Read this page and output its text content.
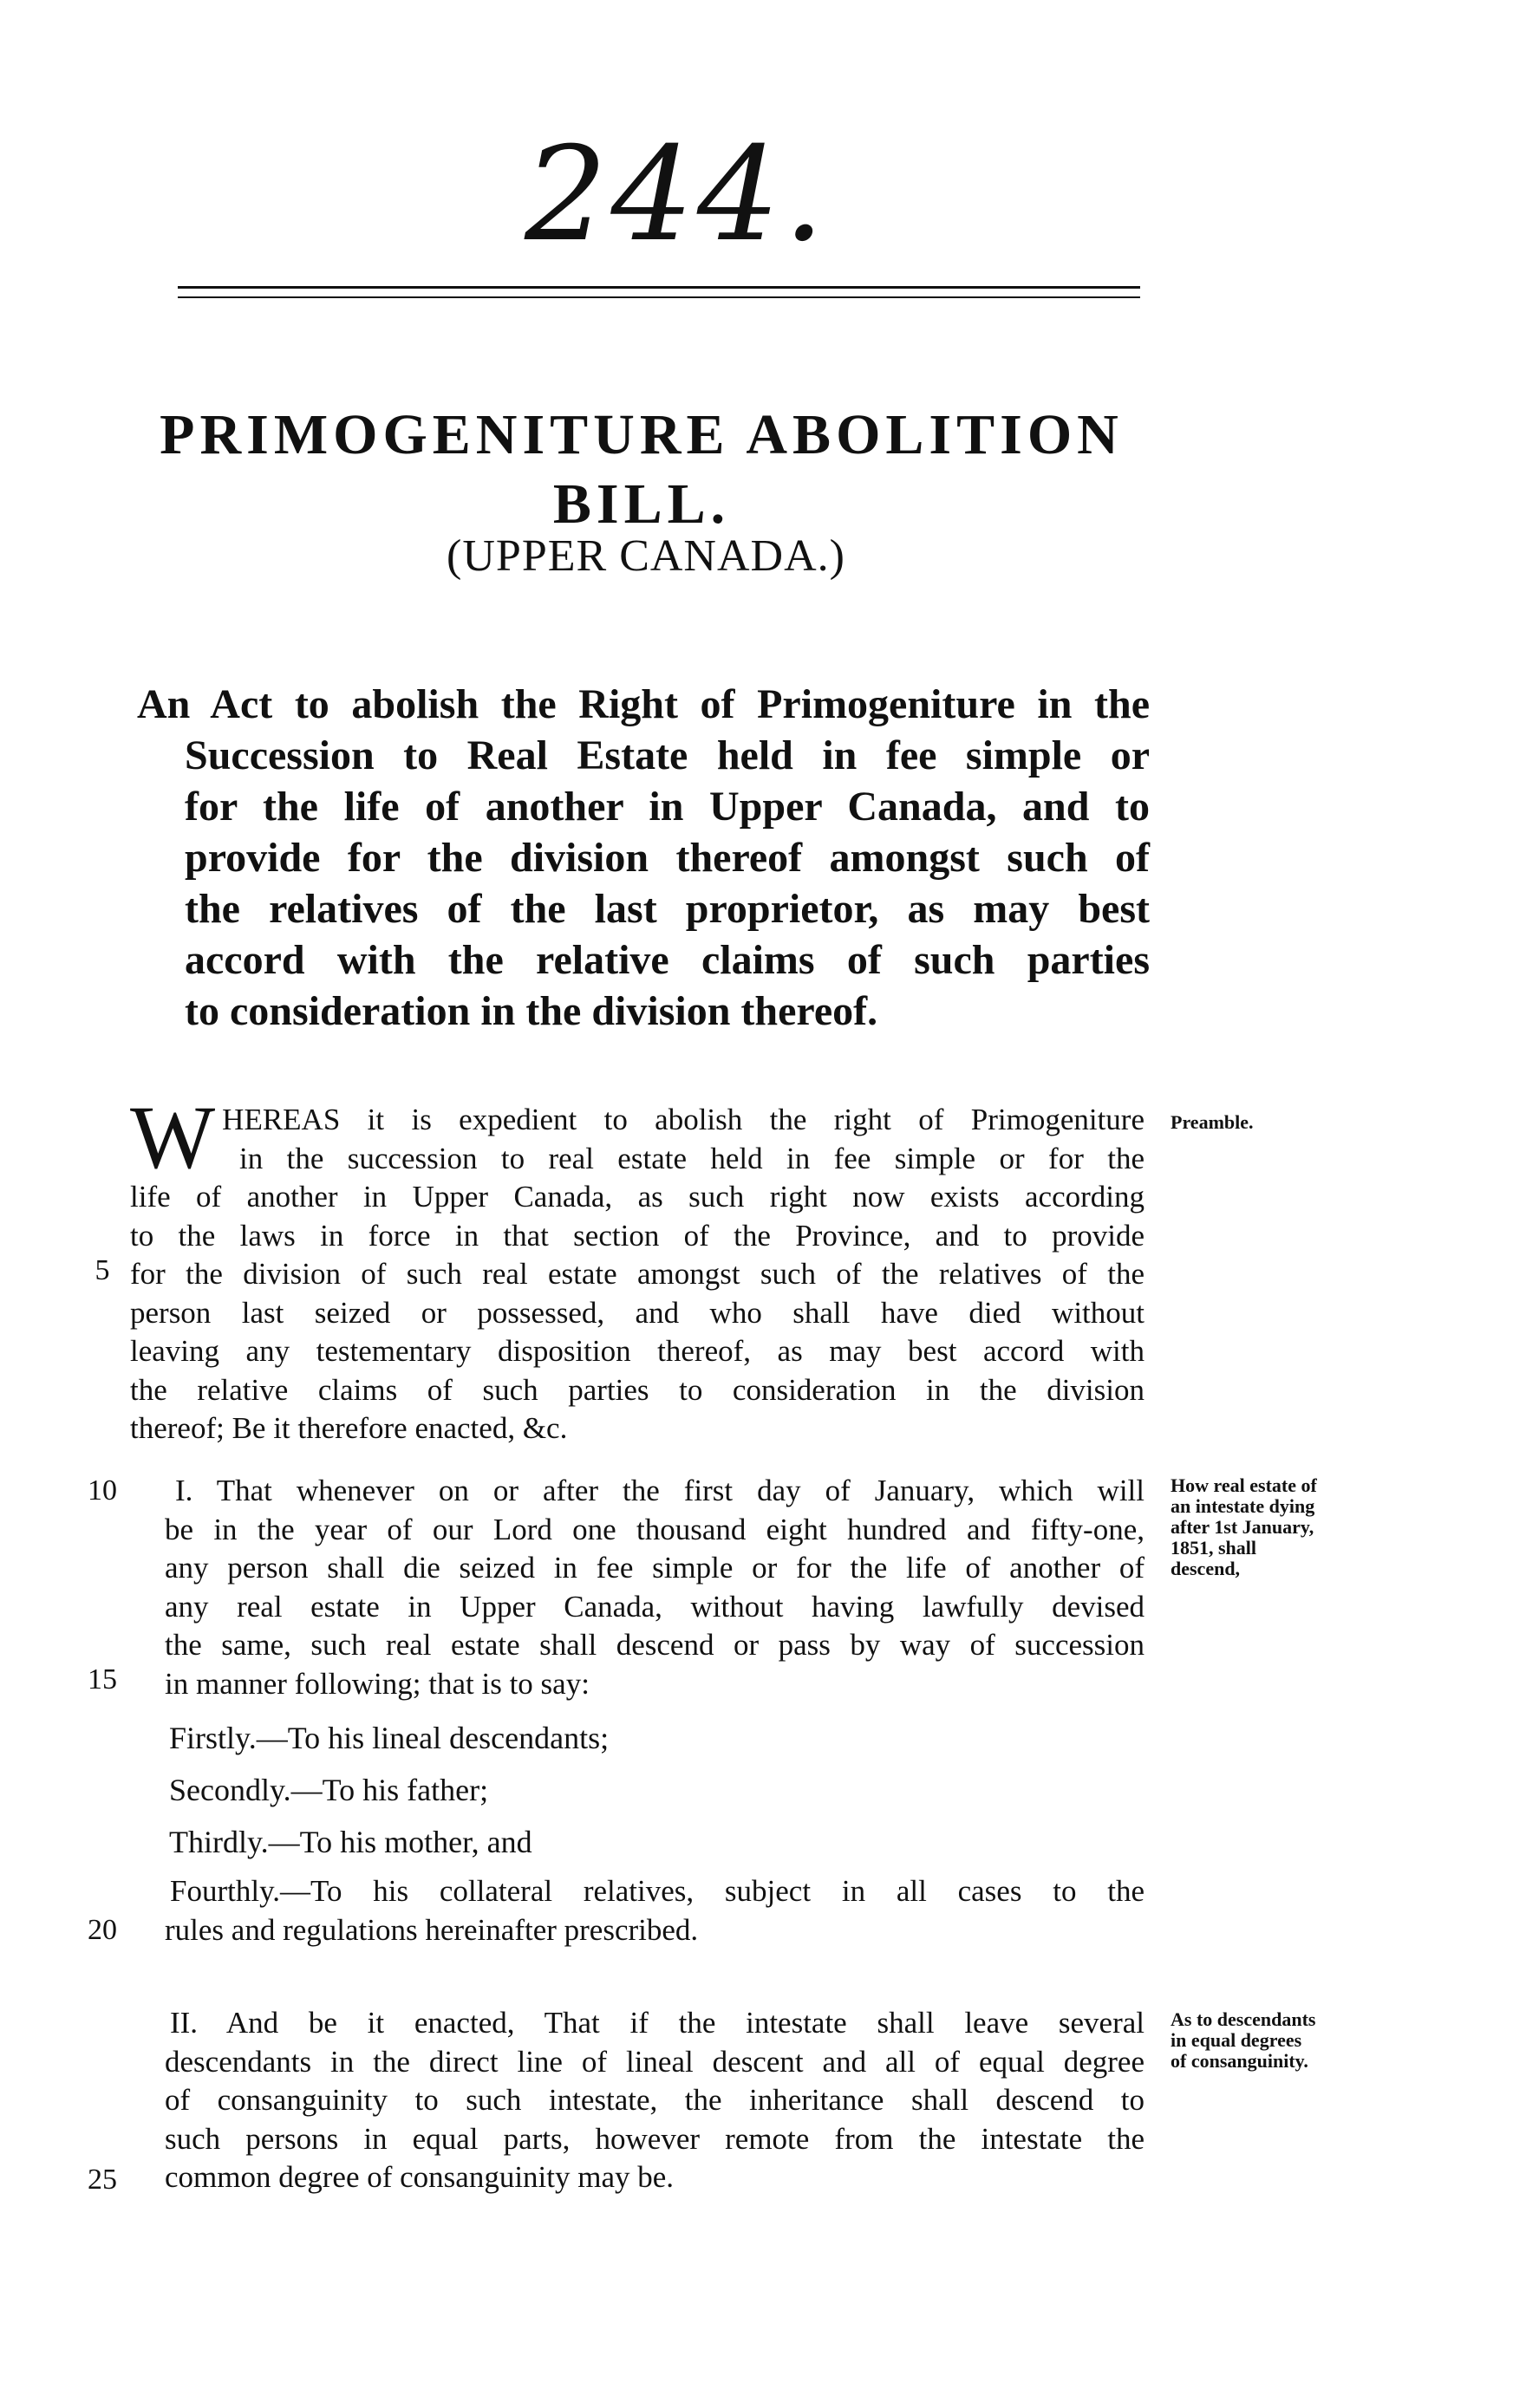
244.
PRIMOGENITURE ABOLITION BILL.
(UPPER CANADA.)
An Act to abolish the Right of Primogeniture in the
Succession to Real Estate held in fee simple or
for the life of another in Upper Canada, and to
provide for the division thereof amongst such of
the relatives of the last proprietor, as may best
accord with the relative claims of such parties
to consideration in the division thereof.
W HEREAS it is expedient to abolish the right of Primogeniture
in the succession to real estate held in fee simple or for the
life of another in Upper Canada, as such right now exists according
to the laws in force in that section of the Province, and to provide
for the division of such real estate amongst such of the relatives of the
person last seized or possessed, and who shall have died without
leaving any testementary disposition thereof, as may best accord with
the relative claims of such parties to consideration in the division
thereof; Be it therefore enacted, &c.
Preamble.
5
I. That whenever on or after the first day of January, which will
be in the year of our Lord one thousand eight hundred and fifty-one,
any person shall die seized in fee simple or for the life of another of
any real estate in Upper Canada, without having lawfully devised
the same, such real estate shall descend or pass by way of succession
in manner following; that is to say:
How real estate of an intestate dying after 1st January, 1851, shall descend,
10
15
Firstly.—To his lineal descendants;
Secondly.—To his father;
Thirdly.—To his mother, and
Fourthly.—To his collateral relatives, subject in all cases to the
rules and regulations hereinafter prescribed.
20
II. And be it enacted, That if the intestate shall leave several
descendants in the direct line of lineal descent and all of equal degree
of consanguinity to such intestate, the inheritance shall descend to
such persons in equal parts, however remote from the intestate the
common degree of consanguinity may be.
As to descendants in equal degrees of consanguinity.
25
